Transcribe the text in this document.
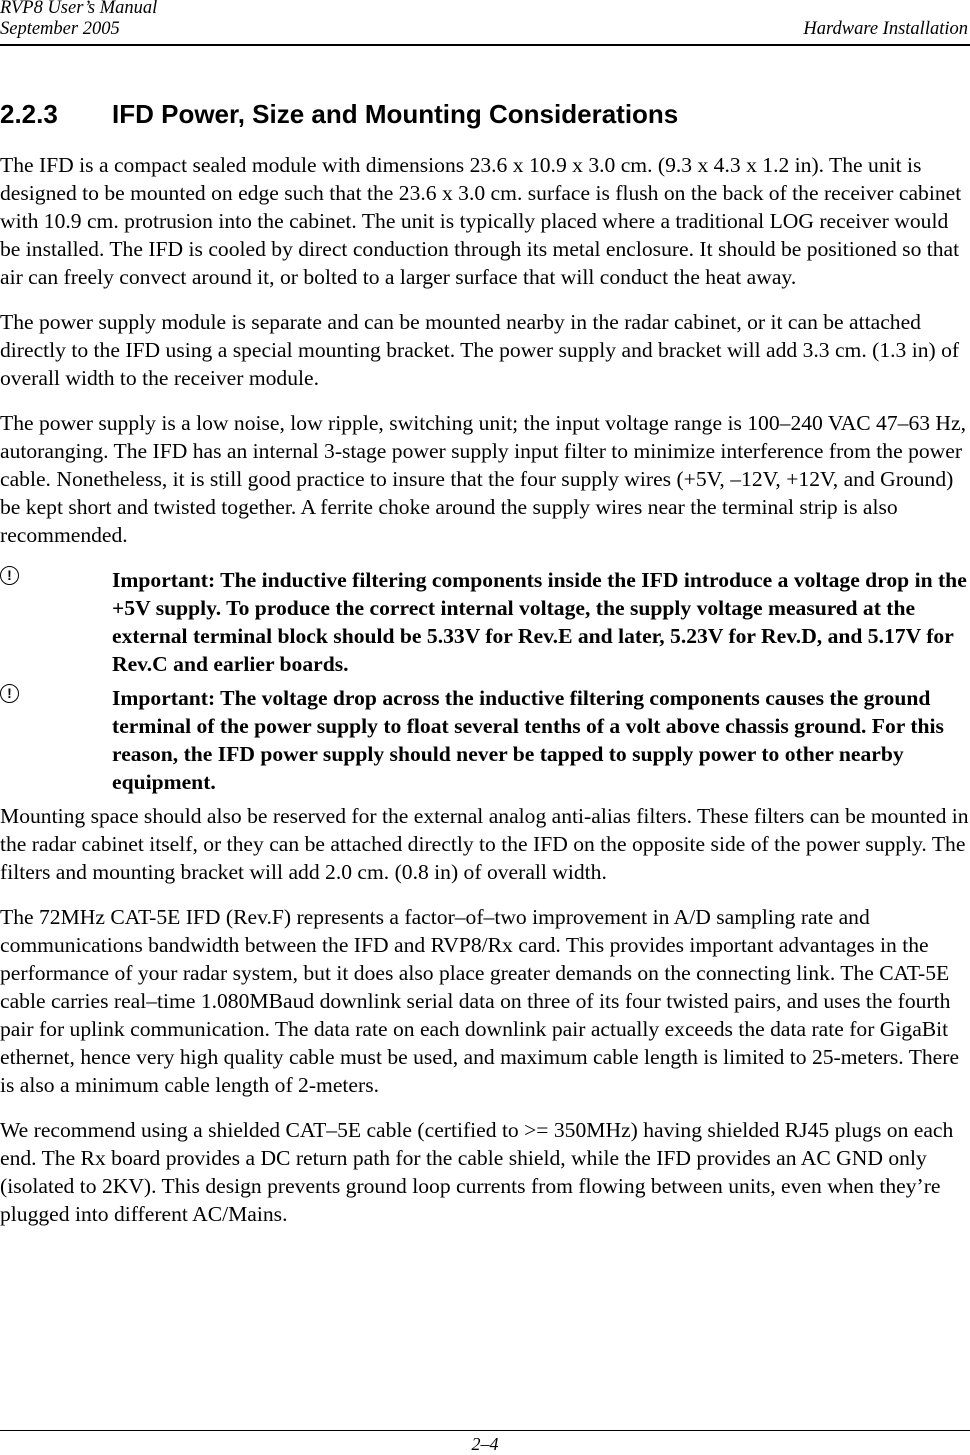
RVP8 User’s Manual
September 2005	Hardware Installation
2.2.3 IFD Power, Size and Mounting Considerations

The IFD is a compact sealed module with dimensions 23.6 x 10.9 x 3.0 cm. (9.3 x 4.3 x 1.2 in). The unit is designed to be mounted on edge such that the 23.6 x 3.0 cm. surface is flush on the back of the receiver cabinet with 10.9 cm. protrusion into the cabinet. The unit is typically placed where a traditional LOG receiver would be installed. The IFD is cooled by direct conduction through its metal enclosure. It should be positioned so that air can freely convect around it, or bolted to a larger surface that will conduct the heat away.

The power supply module is separate and can be mounted nearby in the radar cabinet, or it can be attached directly to the IFD using a special mounting bracket. The power supply and bracket will add 3.3 cm. (1.3 in) of overall width to the receiver module.

The power supply is a low noise, low ripple, switching unit; the input voltage range is 100–240 VAC 47–63 Hz, autoranging. The IFD has an internal 3-stage power supply input filter to minimize interference from the power cable. Nonetheless, it is still good practice to insure that the four supply wires (+5V, –12V, +12V, and Ground) be kept short and twisted together. A ferrite choke around the supply wires near the terminal strip is also recommended.

!	Important: The inductive filtering components inside the IFD introduce a voltage drop in the +5V supply. To produce the correct internal voltage, the supply voltage measured at the external terminal block should be 5.33V for Rev.E and later, 5.23V for Rev.D, and 5.17V for Rev.C and earlier boards.
!	Important: The voltage drop across the inductive filtering components causes the ground terminal of the power supply to float several tenths of a volt above chassis ground. For this reason, the IFD power supply should never be tapped to supply power to other nearby equipment.

Mounting space should also be reserved for the external analog anti-alias filters. These filters can be mounted in the radar cabinet itself, or they can be attached directly to the IFD on the opposite side of the power supply. The filters and mounting bracket will add 2.0 cm. (0.8 in) of overall width.

The 72MHz CAT-5E IFD (Rev.F) represents a factor–of–two improvement in A/D sampling rate and communications bandwidth between the IFD and RVP8/Rx card. This provides important advantages in the performance of your radar system, but it does also place greater demands on the connecting link. The CAT-5E cable carries real–time 1.080MBaud downlink serial data on three of its four twisted pairs, and uses the fourth pair for uplink communication. The data rate on each downlink pair actually exceeds the data rate for GigaBit ethernet, hence very high quality cable must be used, and maximum cable length is limited to 25-meters. There is also a minimum cable length of 2-meters.

We recommend using a shielded CAT–5E cable (certified to >= 350MHz) having shielded RJ45 plugs on each end. The Rx board provides a DC return path for the cable shield, while the IFD provides an AC GND only (isolated to 2KV). This design prevents ground loop currents from flowing between units, even when they’re plugged into different AC/Mains.

2–4
